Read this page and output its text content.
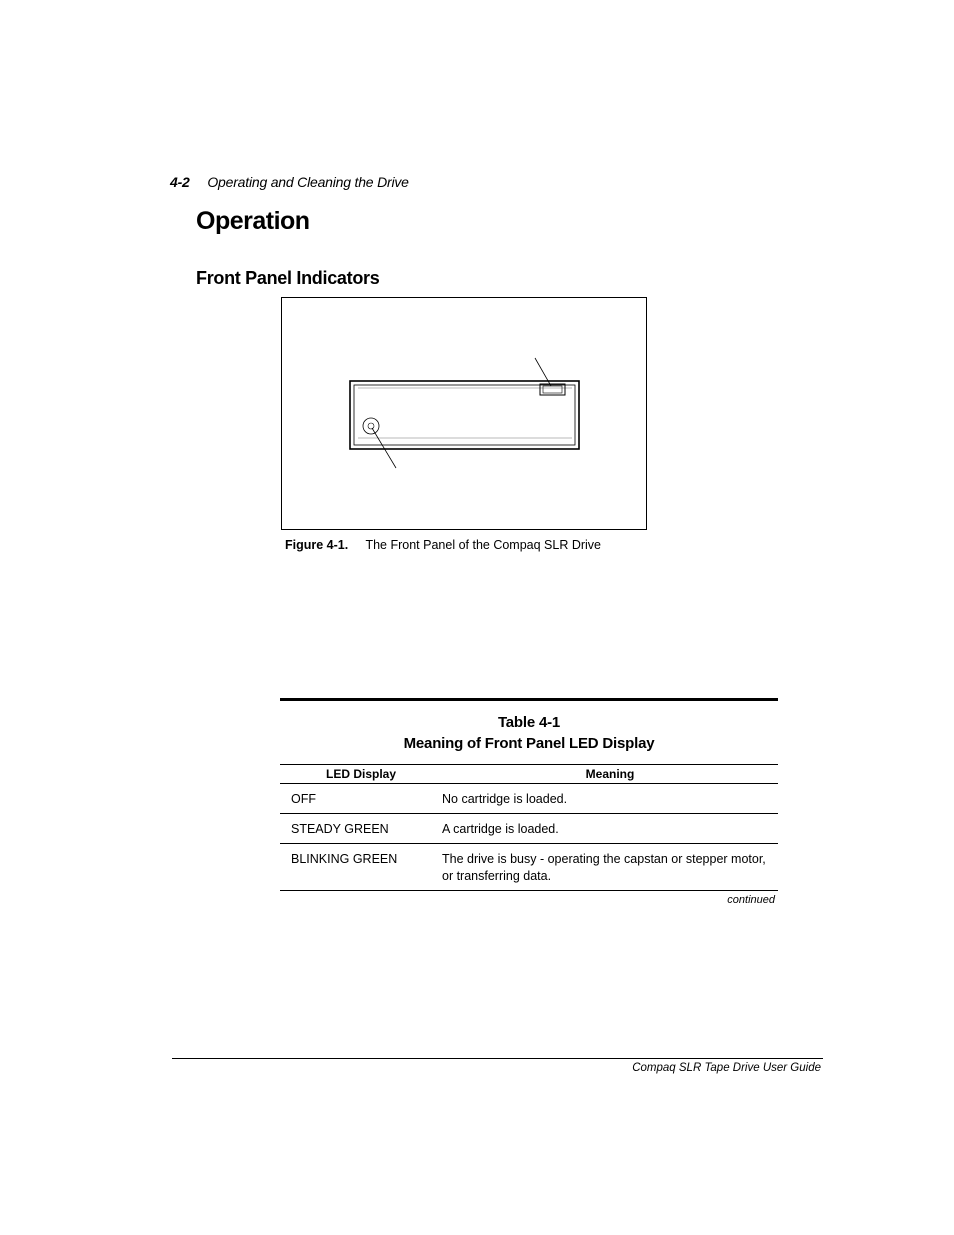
4-2 Operating and Cleaning the Drive
Operation
Front Panel Indicators
Figure 4-1. The Front Panel of the Compaq SLR Drive
Table 4-1
Meaning of Front Panel LED Display
LED Display	Meaning
OFF	No cartridge is loaded.
STEADY GREEN	A cartridge is loaded.
BLINKING GREEN	The drive is busy - operating the capstan or stepper motor, or transferring data.
continued
Compaq SLR Tape Drive User Guide
